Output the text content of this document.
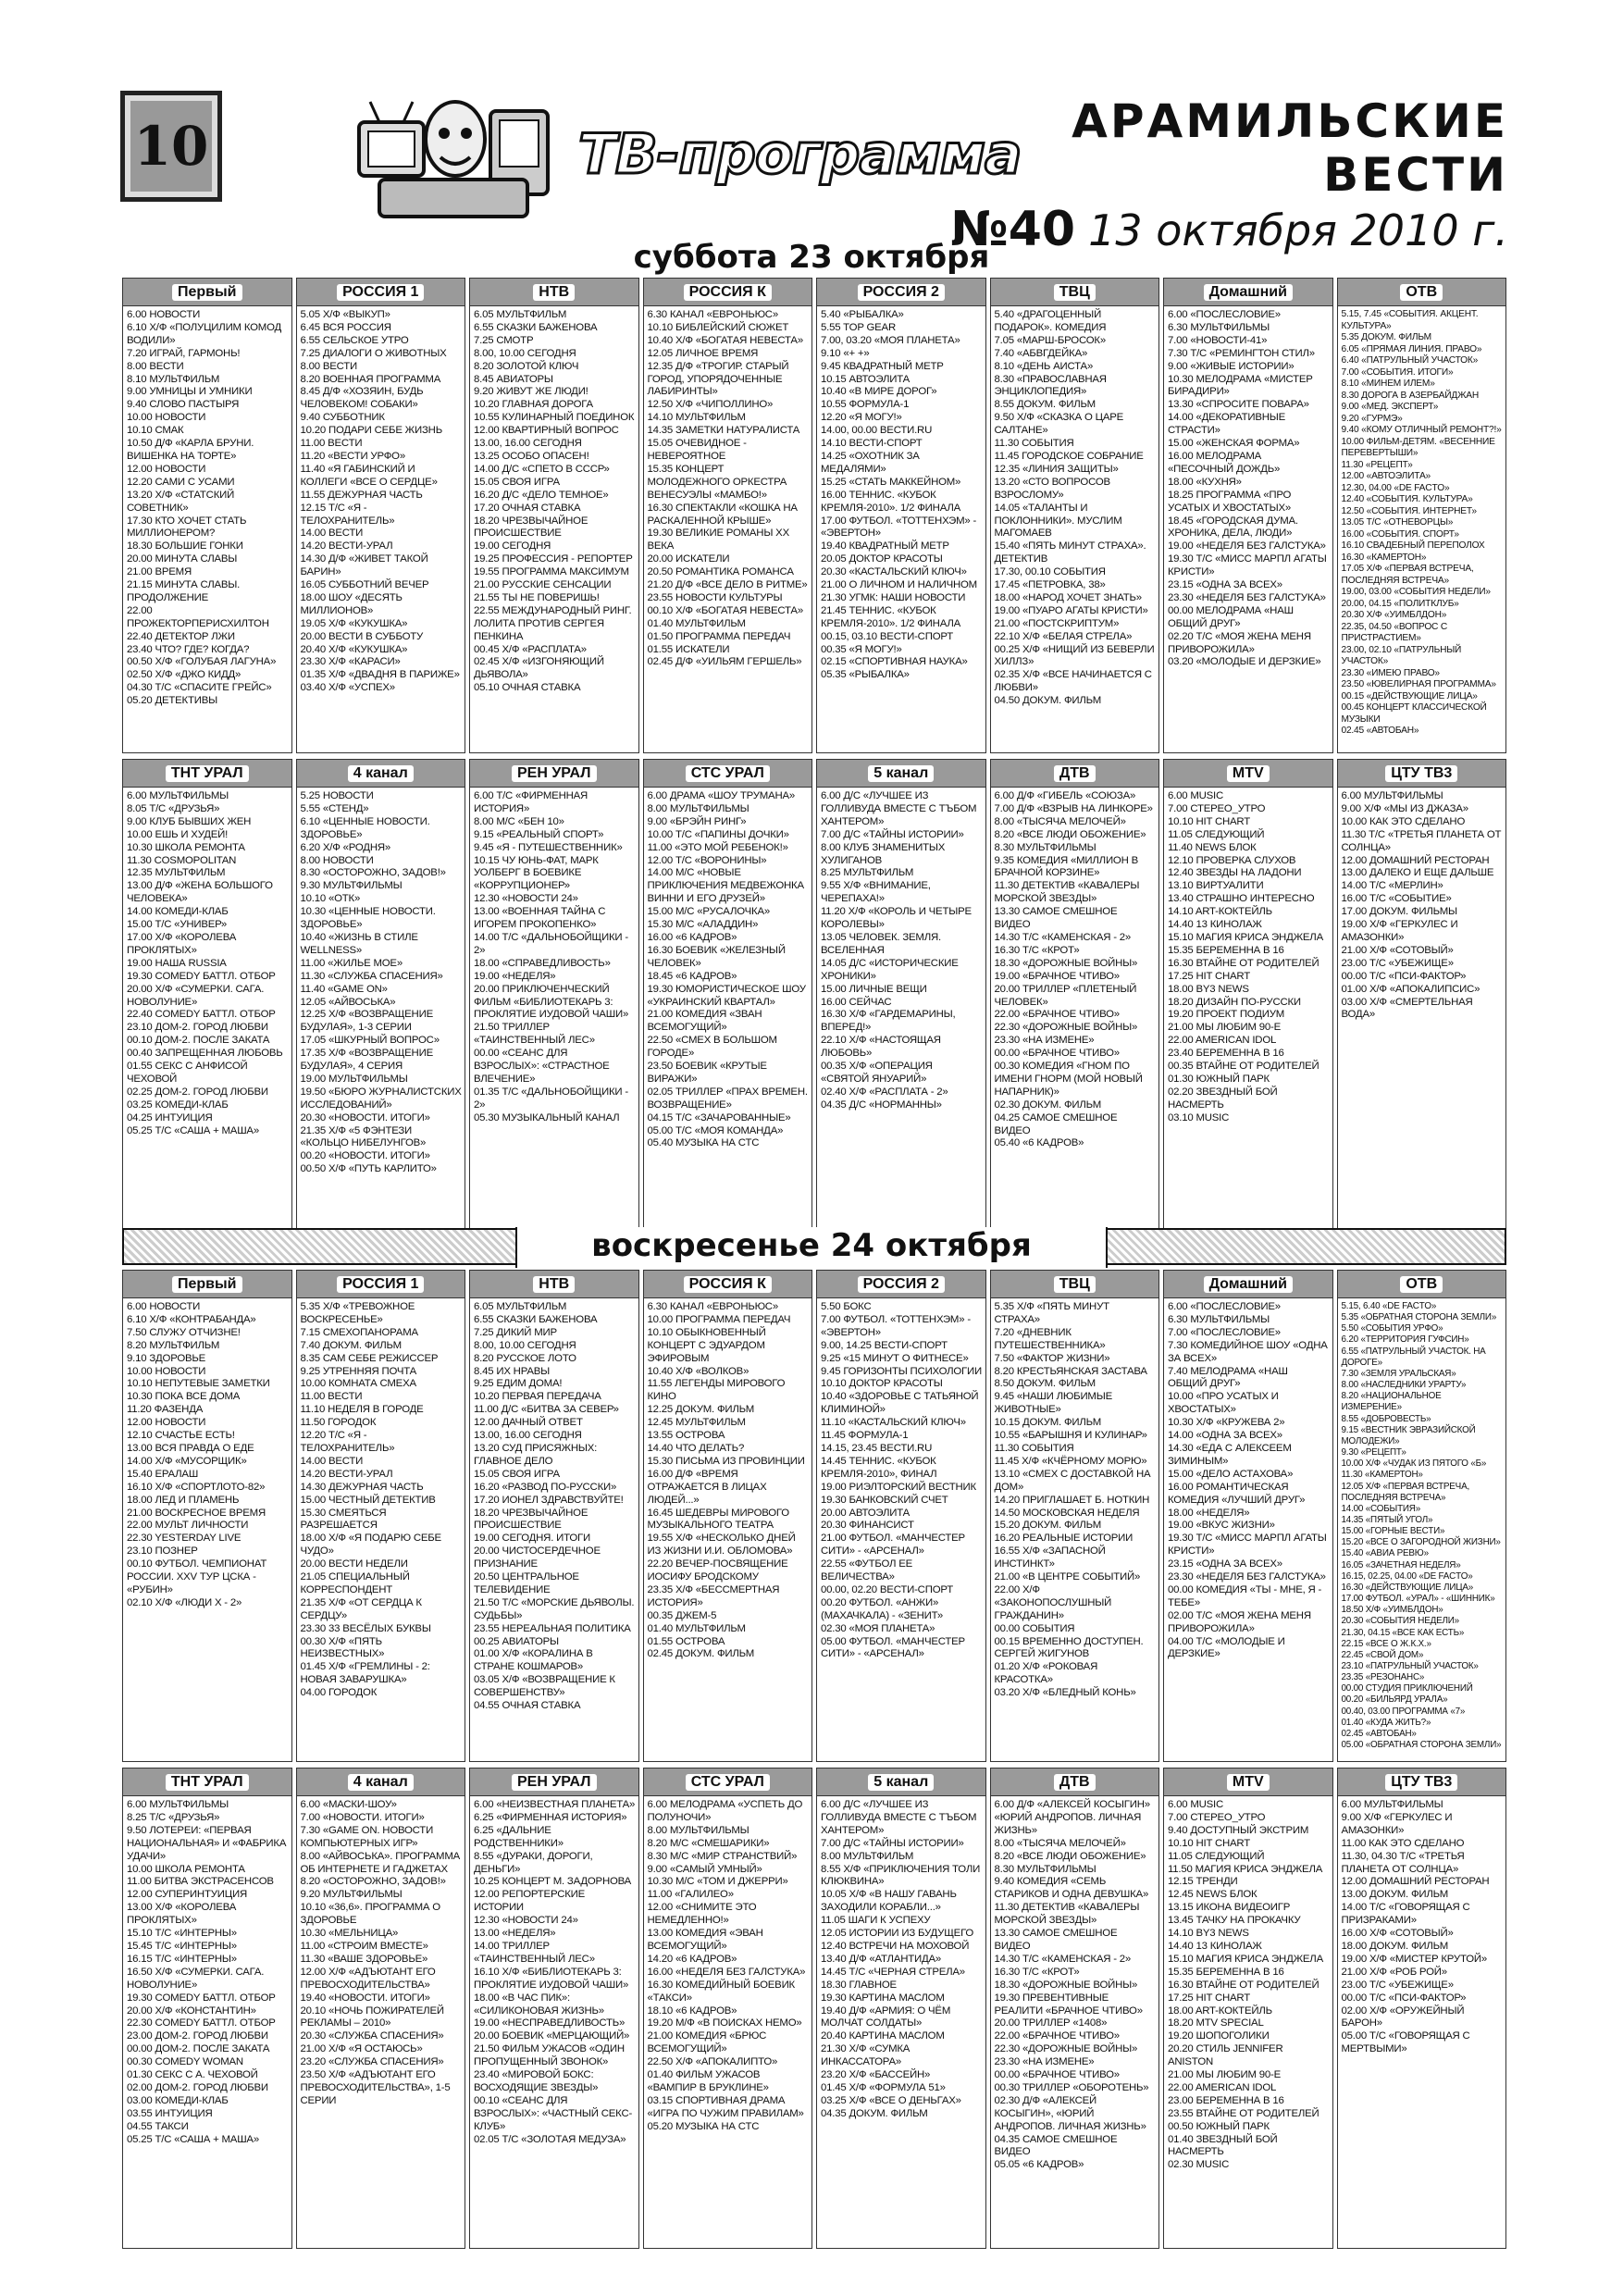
10	ТВ-программа
АРАМИЛЬСКИЕ ВЕСТИ
№40 13 октября 2010 г.
суббота 23 октября
Первый
6.00 НОВОСТИ
6.10 Х/Ф «ПОЛУЦИЛИМ КОМОД ВОДИЛИ»
7.20 ИГРАЙ, ГАРМОНЬ!
8.00 ВЕСТИ
8.10 МУЛЬТФИЛЬМ
9.00 УМНИЦЫ И УМНИКИ
9.40 СЛОВО ПАСТЫРЯ
10.00 НОВОСТИ
10.10 СМАК
10.50 Д/Ф «КАРЛА БРУНИ. ВИШЕНКА НА ТОРТЕ»
12.00 НОВОСТИ
12.20 САМИ С УСАМИ
13.20 Х/Ф «СТАТСКИЙ СОВЕТНИК»
17.30 КТО ХОЧЕТ СТАТЬ МИЛЛИОНЕРОМ?
18.30 БОЛЬШИЕ ГОНКИ
20.00 МИНУТА СЛАВЫ
21.00 ВРЕМЯ
21.15 МИНУТА СЛАВЫ. ПРОДОЛЖЕНИЕ
22.00 ПРОЖЕКТОРПЕРИСХИЛТОН
22.40 ДЕТЕКТОР ЛЖИ
23.40 ЧТО? ГДЕ? КОГДА?
00.50 Х/Ф «ГОЛУБАЯ ЛАГУНА»
02.50 Х/Ф «ДЖО КИДД»
04.30 Т/С «СПАСИТЕ ГРЕЙС»
05.20 ДЕТЕКТИВЫ
РОССИЯ 1
5.05 Х/Ф «ВЫКУП»
6.45 ВСЯ РОССИЯ
6.55 СЕЛЬСКОЕ УТРО
7.25 ДИАЛОГИ О ЖИВОТНЫХ
8.00 ВЕСТИ
8.20 ВОЕННАЯ ПРОГРАММА
8.45 Д/Ф «ХОЗЯИН, БУДЬ ЧЕЛОВЕКОМ! СОБАКИ»
9.40 СУББОТНИК
10.20 ПОДАРИ СЕБЕ ЖИЗНЬ
11.00 ВЕСТИ
11.20 «ВЕСТИ УРФО»
11.40 «Я ГАБИНСКИЙ И КОЛЛЕГИ «ВСЕ О СЕРДЦЕ»
11.55 ДЕЖУРНАЯ ЧАСТЬ
12.15 Т/С «Я - ТЕЛОХРАНИТЕЛЬ»
14.00 ВЕСТИ
14.20 ВЕСТИ-УРАЛ
14.30 Д/Ф «ЖИВЕТ ТАКОЙ БАРИН»
16.05 СУББОТНИЙ ВЕЧЕР
18.00 ШОУ «ДЕСЯТЬ МИЛЛИОНОВ»
19.05 Х/Ф «КУКУШКА»
20.00 ВЕСТИ В СУББОТУ
20.40 Х/Ф «КУКУШКА»
23.30 Х/Ф «КАРАСИ»
01.35 Х/Ф «ДВАДНЯ В ПАРИЖЕ»
03.40 Х/Ф «УСПЕХ»
НТВ
6.05 МУЛЬТФИЛЬМ
6.55 СКАЗКИ БАЖЕНОВА
7.25 СМОТР
8.00, 10.00 СЕГОДНЯ
8.20 ЗОЛОТОЙ КЛЮЧ
8.45 АВИАТОРЫ
9.20 ЖИВУТ ЖЕ ЛЮДИ!
10.20 ГЛАВНАЯ ДОРОГА
10.55 КУЛИНАРНЫЙ ПОЕДИНОК
12.00 КВАРТИРНЫЙ ВОПРОС
13.00, 16.00 СЕГОДНЯ
13.25 ОСОБО ОПАСЕН!
14.00 Д/С «СПЕТО В СССР»
15.05 СВОЯ ИГРА
16.20 Д/С «ДЕЛО ТЕМНОЕ»
17.20 ОЧНАЯ СТАВКА
18.20 ЧРЕЗВЫЧАЙНОЕ ПРОИСШЕСТВИЕ
19.00 СЕГОДНЯ
19.25 ПРОФЕССИЯ - РЕПОРТЕР
19.55 ПРОГРАММА МАКСИМУМ
21.00 РУССКИЕ СЕНСАЦИИ
21.55 ТЫ НЕ ПОВЕРИШЬ!
22.55 МЕЖДУНАРОДНЫЙ РИНГ. ЛОЛИТА ПРОТИВ СЕРГЕЯ ПЕНКИНА
00.45 Х/Ф «РАСПЛАТА»
02.45 Х/Ф «ИЗГОНЯЮЩИЙ ДЬЯВОЛА»
05.10 ОЧНАЯ СТАВКА
РОССИЯ К
6.30 КАНАЛ «ЕВРОНЬЮС»
10.10 БИБЛЕЙСКИЙ СЮЖЕТ
10.40 Х/Ф «БОГАТАЯ НЕВЕСТА»
12.05 ЛИЧНОЕ ВРЕМЯ
12.35 Д/Ф «ТРОГИР. СТАРЫЙ ГОРОД, УПОРЯДОЧЕННЫЕ ЛАБИРИНТЫ»
12.50 Х/Ф «ЧИПОЛЛИНО»
14.10 МУЛЬТФИЛЬМ
14.35 ЗАМЕТКИ НАТУРАЛИСТА
15.05 ОЧЕВИДНОЕ - НЕВЕРОЯТНОЕ
15.35 КОНЦЕРТ МОЛОДЕЖНОГО ОРКЕСТРА ВЕНЕСУЭЛЫ «МАМБО!»
16.30 СПЕКТАКЛИ «КОШКА НА РАСКАЛЕННОЙ КРЫШЕ»
19.30 ВЕЛИКИЕ РОМАНЫ XX ВЕКА
20.00 ИСКАТЕЛИ
20.50 РОМАНТИКА РОМАНСА
21.20 Д/Ф «ВСЕ ДЕЛО В РИТМЕ»
23.55 НОВОСТИ КУЛЬТУРЫ
00.10 Х/Ф «БОГАТАЯ НЕВЕСТА»
01.40 МУЛЬТФИЛЬМ
01.50 ПРОГРАММА ПЕРЕДАЧ
01.55 ИСКАТЕЛИ
02.45 Д/Ф «УИЛЬЯМ ГЕРШЕЛЬ»
РОССИЯ 2
5.40 «РЫБАЛКА»
5.55 TOP GEAR
7.00, 03.20 «МОЯ ПЛАНЕТА»
9.10 «+ +»
9.45 КВАДРАТНЫЙ МЕТР
10.15 АВТОЭЛИТА
10.40 «В МИРЕ ДОРОГ»
10.55 ФОРМУЛА-1
12.20 «Я МОГУ!»
14.00, 00.00 ВЕСТИ.RU
14.10 ВЕСТИ-СПОРТ
14.25 «ОХОТНИК ЗА МЕДАЛЯМИ»
15.25 «СТАТЬ МАККЕЙНОМ»
16.00 ТЕННИС. «КУБОК КРЕМЛЯ-2010». 1/2 ФИНАЛА
17.00 ФУТБОЛ. «ТОТТЕНХЭМ» - «ЭВЕРТОН»
19.40 КВАДРАТНЫЙ МЕТР
20.05 ДОКТОР КРАСОТЫ
20.30 «КАСТАЛЬСКИЙ КЛЮЧ»
21.00 О ЛИЧНОМ И НАЛИЧНОМ
21.30 УГМК: НАШИ НОВОСТИ
21.45 ТЕННИС. «КУБОК КРЕМЛЯ-2010». 1/2 ФИНАЛА
00.15, 03.10 ВЕСТИ-СПОРТ
00.35 «Я МОГУ!»
02.15 «СПОРТИВНАЯ НАУКА»
05.35 «РЫБАЛКА»
ТВЦ
5.40 «ДРАГОЦЕННЫЙ ПОДАРОК». КОМЕДИЯ
7.05 «МАРШ-БРОСОК»
7.40 «АБВГДЕЙКА»
8.10 «ДЕНЬ АИСТА»
8.30 «ПРАВОСЛАВНАЯ ЭНЦИКЛОПЕДИЯ»
8.55 ДОКУМ. ФИЛЬМ
9.50 Х/Ф «СКАЗКА О ЦАРЕ САЛТАНЕ»
11.30 СОБЫТИЯ
11.45 ГОРОДСКОЕ СОБРАНИЕ
12.35 «ЛИНИЯ ЗАЩИТЫ»
13.20 «СТО ВОПРОСОВ ВЗРОСЛОМУ»
14.05 «ТАЛАНТЫ И ПОКЛОННИКИ». МУСЛИМ МАГОМАЕВ
15.40 «ПЯТЬ МИНУТ СТРАХА». ДЕТЕКТИВ
17.30, 00.10 СОБЫТИЯ
17.45 «ПЕТРОВКА, 38»
18.00 «НАРОД ХОЧЕТ ЗНАТЬ»
19.00 «ПУАРО АГАТЫ КРИСТИ»
21.00 «ПОСТСКРИПТУМ»
22.10 Х/Ф «БЕЛАЯ СТРЕЛА»
00.25 Х/Ф «НИЩИЙ ИЗ БЕВЕРЛИ ХИЛЛЗ»
02.35 Х/Ф «ВСЕ НАЧИНАЕТСЯ С ЛЮБВИ»
04.50 ДОКУМ. ФИЛЬМ
Домашний
6.00 «ПОСЛЕСЛОВИЕ»
6.30 МУЛЬТФИЛЬМЫ
7.00 «НОВОСТИ-41»
7.30 Т/С «РЕМИНГТОН СТИЛ»
9.00 «ЖИВЫЕ ИСТОРИИ»
10.30 МЕЛОДРАМА «МИСТЕР БИРАДИРИ»
13.30 «СПРОСИТЕ ПОВАРА»
14.00 «ДЕКОРАТИВНЫЕ СТРАСТИ»
15.00 «ЖЕНСКАЯ ФОРМА»
16.00 МЕЛОДРАМА «ПЕСОЧНЫЙ ДОЖДЬ»
18.00 «КУХНЯ»
18.25 ПРОГРАММА «ПРО УСАТЫХ И ХВОСТАТЫХ»
18.45 «ГОРОДСКАЯ ДУМА. ХРОНИКА, ДЕЛА, ЛЮДИ»
19.00 «НЕДЕЛЯ БЕЗ ГАЛСТУКА»
19.30 Т/С «МИСС МАРПЛ АГАТЫ КРИСТИ»
23.15 «ОДНА ЗА ВСЕХ»
23.30 «НЕДЕЛЯ БЕЗ ГАЛСТУКА»
00.00 МЕЛОДРАМА «НАШ ОБЩИЙ ДРУГ»
02.20 Т/С «МОЯ ЖЕНА МЕНЯ ПРИВОРОЖИЛА»
03.20 «МОЛОДЫЕ И ДЕРЗКИЕ»
ОТВ
5.15, 7.45 «СОБЫТИЯ. АКЦЕНТ. КУЛЬТУРА»
5.35 ДОКУМ. ФИЛЬМ
6.05 «ПРЯМАЯ ЛИНИЯ. ПРАВО»
6.40 «ПАТРУЛЬНЫЙ УЧАСТОК»
7.00 «СОБЫТИЯ. ИТОГИ»
8.10 «МИНЕМ ИЛЕМ»
8.30 ДОРОГА В АЗЕРБАЙДЖАН
9.00 «МЕД. ЭКСПЕРТ»
9.20 «ГУРМЭ»
9.40 «КОМУ ОТЛИЧНЫЙ РЕМОНТ?!»
10.00 ФИЛЬМ-ДЕТЯМ. «ВЕСЕННИЕ ПЕРЕВЕРТЫШИ»
11.30 «РЕЦЕПТ»
12.00 «АВТОЭЛИТА»
12.30, 04.00 «DE FACTO»
12.40 «СОБЫТИЯ. КУЛЬТУРА»
12.50 «СОБЫТИЯ. ИНТЕРНЕТ»
13.05 Т/С «ОТНЕВОРЦЫ»
16.00 «СОБЫТИЯ. СПОРТ»
16.10 СВАДЕБНЫЙ ПЕРЕПОЛОХ
16.30 «КАМЕРТОН»
17.05 Х/Ф «ПЕРВАЯ ВСТРЕЧА, ПОСЛЕДНЯЯ ВСТРЕЧА»
19.00, 03.00 «СОБЫТИЯ НЕДЕЛИ»
20.00, 04.15 «ПОЛИТКЛУБ»
20.30 Х/Ф «УИМБЛДОН»
22.35, 04.50 «ВОПРОС С ПРИСТРАСТИЕМ»
23.00, 02.10 «ПАТРУЛЬНЫЙ УЧАСТОК»
23.30 «ИМЕЮ ПРАВО»
23.50 «ЮВЕЛИРНАЯ ПРОГРАММА»
00.15 «ДЕЙСТВУЮЩИЕ ЛИЦА»
00.45 КОНЦЕРТ КЛАССИЧЕСКОЙ МУЗЫКИ
02.45 «АВТОБАН»
ТНТ УРАЛ
6.00 МУЛЬТФИЛЬМЫ
8.05 Т/С «ДРУЗЬЯ»
9.00 КЛУБ БЫВШИХ ЖЕН
10.00 ЕШЬ И ХУДЕЙ!
10.30 ШКОЛА РЕМОНТА
11.30 COSMOPOLITAN
12.35 МУЛЬТФИЛЬМ
13.00 Д/Ф «ЖЕНА БОЛЬШОГО ЧЕЛОВЕКА»
14.00 КОМЕДИ-КЛАБ
15.00 Т/С «УНИВЕР»
17.00 Х/Ф «КОРОЛЕВА ПРОКЛЯТЫХ»
19.00 НАША RUSSIA
19.30 COMEDY БАТТЛ. ОТБОР
20.00 Х/Ф «СУМЕРКИ. САГА. НОВОЛУНИЕ»
22.40 COMEDY БАТТЛ. ОТБОР
23.10 ДОМ-2. ГОРОД ЛЮБВИ
00.10 ДОМ-2. ПОСЛЕ ЗАКАТА
00.40 ЗАПРЕЩЕННАЯ ЛЮБОВЬ
01.55 СЕКС С АНФИСОЙ ЧЕХОВОЙ
02.25 ДОМ-2. ГОРОД ЛЮБВИ
03.25 КОМЕДИ-КЛАБ
04.25 ИНТУИЦИЯ
05.25 Т/С «САША + МАША»
4 канал
5.25 НОВОСТИ
5.55 «СТЕНД»
6.10 «ЦЕННЫЕ НОВОСТИ. ЗДОРОВЬЕ»
6.20 Х/Ф «РОДНЯ»
8.00 НОВОСТИ
8.30 «ОСТОРОЖНО, ЗАДОВ!»
9.30 МУЛЬТФИЛЬМЫ
10.10 «ОТК»
10.30 «ЦЕННЫЕ НОВОСТИ. ЗДОРОВЬЕ»
10.40 «ЖИЗНЬ В СТИЛЕ WELLNESS»
11.00 «ЖИЛЬЕ МОЕ»
11.30 «СЛУЖБА СПАСЕНИЯ»
11.40 «GAME ON»
12.05 «АЙВОСЬКА»
12.25 Х/Ф «ВОЗВРАЩЕНИЕ БУДУЛАЯ», 1-3 СЕРИИ
17.05 «ШКУРНЫЙ ВОПРОС»
17.35 Х/Ф «ВОЗВРАЩЕНИЕ БУДУЛАЯ», 4 СЕРИЯ
19.00 МУЛЬТФИЛЬМЫ
19.50 «БЮРО ЖУРНАЛИСТСКИХ ИССЛЕДОВАНИЙ»
20.30 «НОВОСТИ. ИТОГИ»
21.35 Х/Ф «5 ФЭНТЕЗИ «КОЛЬЦО НИБЕЛУНГОВ»
00.20 «НОВОСТИ. ИТОГИ»
00.50 Х/Ф «ПУТЬ КАРЛИТО»
РЕН УРАЛ
6.00 Т/С «ФИРМЕННАЯ ИСТОРИЯ»
8.00 М/С «БЕН 10»
9.15 «РЕАЛЬНЫЙ СПОРТ»
9.45 «Я - ПУТЕШЕСТВЕННИК»
10.15 ЧУ ЮНЬ-ФАТ, МАРК УОЛБЕРГ В БОЕВИКЕ «КОРРУПЦИОНЕР»
12.30 «НОВОСТИ 24»
13.00 «ВОЕННАЯ ТАЙНА С ИГОРЕМ ПРОКОПЕНКО»
14.00 Т/С «ДАЛЬНОБОЙЩИКИ - 2»
18.00 «СПРАВЕДЛИВОСТЬ»
19.00 «НЕДЕЛЯ»
20.00 ПРИКЛЮЧЕНЧЕСКИЙ ФИЛЬМ «БИБЛИОТЕКАРЬ 3: ПРОКЛЯТИЕ ИУДОВОЙ ЧАШИ»
21.50 ТРИЛЛЕР «ТАИНСТВЕННЫЙ ЛЕС»
00.00 «СЕАНС ДЛЯ ВЗРОСЛЫХ»: «СТРАСТНОЕ ВЛЕЧЕНИЕ»
01.35 Т/С «ДАЛЬНОБОЙЩИКИ - 2»
05.30 МУЗЫКАЛЬНЫЙ КАНАЛ
СТС УРАЛ
6.00 ДРАМА «ШОУ ТРУМАНА»
8.00 МУЛЬТФИЛЬМЫ
9.00 «БРЭЙН РИНГ»
10.00 Т/С «ПАПИНЫ ДОЧКИ»
11.00 «ЭТО МОЙ РЕБЕНОК!»
12.00 Т/С «ВОРОНИНЫ»
14.00 М/С «НОВЫЕ ПРИКЛЮЧЕНИЯ МЕДВЕЖОНКА ВИННИ И ЕГО ДРУЗЕЙ»
15.00 М/С «РУСАЛОЧКА»
15.30 М/С «АЛАДДИН»
16.00 «6 КАДРОВ»
16.30 БОЕВИК «ЖЕЛЕЗНЫЙ ЧЕЛОВЕК»
18.45 «6 КАДРОВ»
19.30 ЮМОРИСТИЧЕСКОЕ ШОУ «УКРАИНСКИЙ КВАРТАЛ»
21.00 КОМЕДИЯ «ЗВАН ВСЕМОГУЩИЙ»
22.50 «СМЕХ В БОЛЬШОМ ГОРОДЕ»
23.50 БОЕВИК «КРУТЫЕ ВИРАЖИ»
02.05 ТРИЛЛЕР «ПРАХ ВРЕМЕН. ВОЗВРАЩЕНИЕ»
04.15 Т/С «ЗАЧАРОВАННЫЕ»
05.00 Т/С «МОЯ КОМАНДА»
05.40 МУЗЫКА НА СТС
5 канал
6.00 Д/С «ЛУЧШЕЕ ИЗ ГОЛЛИВУДА ВМЕСТЕ С ТЪБОМ ХАНТЕРОМ»
7.00 Д/С «ТАЙНЫ ИСТОРИИ»
8.00 КЛУБ ЗНАМЕНИТЫХ ХУЛИГАНОВ
8.25 МУЛЬТФИЛЬМ
9.55 Х/Ф «ВНИМАНИЕ, ЧЕРЕПАХА!»
11.20 Х/Ф «КОРОЛЬ И ЧЕТЫРЕ КОРОЛЕВЫ»
13.05 ЧЕЛОВЕК. ЗЕМЛЯ. ВСЕЛЕННАЯ
14.05 Д/С «ИСТОРИЧЕСКИЕ ХРОНИКИ»
15.00 ЛИЧНЫЕ ВЕЩИ
16.00 СЕЙЧАС
16.30 Х/Ф «ГАРДЕМАРИНЫ, ВПЕРЕД!»
22.10 Х/Ф «НАСТОЯЩАЯ ЛЮБОВЬ»
00.35 Х/Ф «ОПЕРАЦИЯ «СВЯТОЙ ЯНУАРИЙ»
02.40 Х/Ф «РАСПЛАТА - 2»
04.35 Д/С «НОРМАННЫ»
ДТВ
6.00 Д/Ф «ГИБЕЛЬ «СОЮЗА»
7.00 Д/Ф «ВЗРЫВ НА ЛИНКОРЕ»
8.00 «ТЫСЯЧА МЕЛОЧЕЙ»
8.20 «ВСЕ ЛЮДИ ОБОЖЕНИЕ»
8.30 МУЛЬТФИЛЬМЫ
9.35 КОМЕДИЯ «МИЛЛИОН В БРАЧНОЙ КОРЗИНЕ»
11.30 ДЕТЕКТИВ «КАВАЛЕРЫ МОРСКОЙ ЗВЕЗДЫ»
13.30 САМОЕ СМЕШНОЕ ВИДЕО
14.30 Т/С «КАМЕНСКАЯ - 2»
16.30 Т/С «КРОТ»
18.30 «ДОРОЖНЫЕ ВОЙНЫ»
19.00 «БРАЧНОЕ ЧТИВО»
20.00 ТРИЛЛЕР «ПЛЕТЕНЫЙ ЧЕЛОВЕК»
22.00 «БРАЧНОЕ ЧТИВО»
22.30 «ДОРОЖНЫЕ ВОЙНЫ»
23.30 «НА ИЗМЕНЕ»
00.00 «БРАЧНОЕ ЧТИВО»
00.30 КОМЕДИЯ «ГНОМ ПО ИМЕНИ ГНОРМ (МОЙ НОВЫЙ НАПАРНИК)»
02.30 ДОКУМ. ФИЛЬМ
04.25 САМОЕ СМЕШНОЕ ВИДЕО
05.40 «6 КАДРОВ»
MTV
6.00 MUSIC
7.00 СТЕРЕО_УТРО
10.10 HIT CHART
11.05 СЛЕДУЮЩИЙ
11.40 NEWS БЛОК
12.10 ПРОВЕРКА СЛУХОВ
12.40 ЗВЕЗДЫ НА ЛАДОНИ
13.10 ВИРТУАЛИТИ
13.40 СТРАШНО ИНТЕРЕСНО
14.10 ART-КОКТЕЙЛЬ
14.40 13 КИНОЛАЖ
15.10 МАГИЯ КРИСА ЭНДЖЕЛА
15.35 БЕРЕМЕННА В 16
16.30 ВТАЙНЕ ОТ РОДИТЕЛЕЙ
17.25 HIT CHART
18.00 BY3 NEWS
18.20 ДИЗАЙН ПО-РУССКИ
19.20 ПРОЕКТ ПОДИУМ
21.00 МЫ ЛЮБИМ 90-Е
22.00 AMERICAN IDOL
23.40 БЕРЕМЕННА В 16
00.35 ВТАЙНЕ ОТ РОДИТЕЛЕЙ
01.30 ЮЖНЫЙ ПАРК
02.20 ЗВЕЗДНЫЙ БОЙ НАСМЕРТЬ
03.10 MUSIC
ЦТУ ТВ3
6.00 МУЛЬТФИЛЬМЫ
9.00 Х/Ф «МЫ ИЗ ДЖАЗА»
10.00 КАК ЭТО СДЕЛАНО
11.30 Т/С «ТРЕТЬЯ ПЛАНЕТА ОТ СОЛНЦА»
12.00 ДОМАШНИЙ РЕСТОРАН
13.00 ДАЛЕКО И ЕЩЕ ДАЛЬШЕ
14.00 Т/С «МЕРЛИН»
16.00 Т/С «СОБЫТИЕ»
17.00 ДОКУМ. ФИЛЬМЫ
19.00 Х/Ф «ГЕРКУЛЕС И АМАЗОНКИ»
21.00 Х/Ф «СОТОВЫЙ»
23.00 Т/С «УБЕЖИЩЕ»
00.00 Т/С «ПСИ-ФАКТОР»
01.00 Х/Ф «АПОКАЛИПСИС»
03.00 Х/Ф «СМЕРТЕЛЬНАЯ ВОДА»
воскресенье 24 октября
Первый
6.00 НОВОСТИ
6.10 Х/Ф «КОНТРАБАНДА»
7.50 СЛУЖУ ОТЧИЗНЕ!
8.20 МУЛЬТФИЛЬМ
9.10 ЗДОРОВЬЕ
10.00 НОВОСТИ
10.10 НЕПУТЕВЫЕ ЗАМЕТКИ
10.30 ПОКА ВСЕ ДОМА
11.20 ФАЗЕНДА
12.00 НОВОСТИ
12.10 СЧАСТЬЕ ЕСТЬ!
13.00 ВСЯ ПРАВДА О ЕДЕ
14.00 Х/Ф «МУСОРЩИК»
15.40 ЕРАЛАШ
16.10 Х/Ф «СПОРТЛОТО-82»
18.00 ЛЕД И ПЛАМЕНЬ
21.00 ВОСКРЕСНОЕ ВРЕМЯ
22.00 МУЛЬТ ЛИЧНОСТИ
22.30 YESTERDAY LIVE
23.10 ПОЗНЕР
00.10 ФУТБОЛ. ЧЕМПИОНАТ РОССИИ. XXV ТУР ЦСКА - «РУБИН»
02.10 Х/Ф «ЛЮДИ Х - 2»
РОССИЯ 1
5.35 Х/Ф «ТРЕВОЖНОЕ ВОСКРЕСЕНЬЕ»
7.15 СМЕХОПАНОРАМА
7.40 ДОКУМ. ФИЛЬМ
8.35 САМ СЕБЕ РЕЖИССЕР
9.25 УТРЕННЯЯ ПОЧТА
10.00 КОМНАТА СМЕХА
11.00 ВЕСТИ
11.10 НЕДЕЛЯ В ГОРОДЕ
11.50 ГОРОДОК
12.20 Т/С «Я - ТЕЛОХРАНИТЕЛЬ»
14.00 ВЕСТИ
14.20 ВЕСТИ-УРАЛ
14.30 ДЕЖУРНАЯ ЧАСТЬ
15.00 ЧЕСТНЫЙ ДЕТЕКТИВ
15.30 СМЕЯТЬСЯ РАЗРЕШАЕТСЯ
18.00 Х/Ф «Я ПОДАРЮ СЕБЕ ЧУДО»
20.00 ВЕСТИ НЕДЕЛИ
21.05 СПЕЦИАЛЬНЫЙ КОРРЕСПОНДЕНТ
21.35 Х/Ф «ОТ СЕРДЦА К СЕРДЦУ»
23.30 33 ВЕСЁЛЫХ БУКВЫ
00.30 Х/Ф «ПЯТЬ НЕИЗВЕСТНЫХ»
01.45 Х/Ф «ГРЕМЛИНЫ - 2: НОВАЯ ЗАВАРУШКА»
04.00 ГОРОДОК
НТВ
6.05 МУЛЬТФИЛЬМ
6.55 СКАЗКИ БАЖЕНОВА
7.25 ДИКИЙ МИР
8.00, 10.00 СЕГОДНЯ
8.20 РУССКОЕ ЛОТО
8.45 ИХ НРАВЫ
9.25 ЕДИМ ДОМА!
10.20 ПЕРВАЯ ПЕРЕДАЧА
11.00 Д/С «БИТВА ЗА СЕВЕР»
12.00 ДАЧНЫЙ ОТВЕТ
13.00, 16.00 СЕГОДНЯ
13.20 СУД ПРИСЯЖНЫХ: ГЛАВНОЕ ДЕЛО
15.05 СВОЯ ИГРА
16.20 «РАЗВОД ПО-РУССКИ»
17.20 ИОНЕЛ ЗДРАВСТВУЙТЕ!
18.20 ЧРЕЗВЫЧАЙНОЕ ПРОИСШЕСТВИЕ
19.00 СЕГОДНЯ. ИТОГИ
20.00 ЧИСТОСЕРДЕЧНОЕ ПРИЗНАНИЕ
20.50 ЦЕНТРАЛЬНОЕ ТЕЛЕВИДЕНИЕ
21.50 Т/С «МОРСКИЕ ДЬЯВОЛЫ. СУДЬБЫ»
23.55 НЕРЕАЛЬНАЯ ПОЛИТИКА
00.25 АВИАТОРЫ
01.00 Х/Ф «КОРАЛИНА В СТРАНЕ КОШМАРОВ»
03.05 Х/Ф «ВОЗВРАЩЕНИЕ К СОВЕРШЕНСТВУ»
04.55 ОЧНАЯ СТАВКА
РОССИЯ К
6.30 КАНАЛ «ЕВРОНЬЮС»
10.00 ПРОГРАММА ПЕРЕДАЧ
10.10 ОБЫКНОВЕННЫЙ КОНЦЕРТ С ЭДУАРДОМ ЭФИРОВЫМ
10.40 Х/Ф «ВОЛКОВ»
11.55 ЛЕГЕНДЫ МИРОВОГО КИНО
12.25 ДОКУМ. ФИЛЬМ
12.45 МУЛЬТФИЛЬМ
13.55 ОСТРОВА
14.40 ЧТО ДЕЛАТЬ?
15.30 ПИСЬМА ИЗ ПРОВИНЦИИ
16.00 Д/Ф «ВРЕМЯ ОТРАЖАЕТСЯ В ЛИЦАХ ЛЮДЕЙ...»
16.45 ШЕДЕВРЫ МИРОВОГО МУЗЫКАЛЬНОГО ТЕАТРА
19.55 Х/Ф «НЕСКОЛЬКО ДНЕЙ ИЗ ЖИЗНИ И.И. ОБЛОМОВА»
22.20 ВЕЧЕР-ПОСВЯЩЕНИЕ ИОСИФУ БРОДСКОМУ
23.35 Х/Ф «БЕССМЕРТНАЯ ИСТОРИЯ»
00.35 ДЖЕМ-5
01.40 МУЛЬТФИЛЬМ
01.55 ОСТРОВА
02.45 ДОКУМ. ФИЛЬМ
РОССИЯ 2
5.50 БОКС
7.00 ФУТБОЛ. «ТОТТЕНХЭМ» - «ЭВЕРТОН»
9.00, 14.25 ВЕСТИ-СПОРТ
9.25 «15 МИНУТ О ФИТНЕСЕ»
9.45 ГОРИЗОНТЫ ПСИХОЛОГИИ
10.10 ДОКТОР КРАСОТЫ
10.40 «ЗДОРОВЬЕ С ТАТЬЯНОЙ КЛИМИНОЙ»
11.10 «КАСТАЛЬСКИЙ КЛЮЧ»
11.45 ФОРМУЛА-1
14.15, 23.45 ВЕСТИ.RU
14.45 ТЕННИС. «КУБОК КРЕМЛЯ-2010», ФИНАЛ
19.00 РИЭЛТОРСКИЙ ВЕСТНИК
19.30 БАНКОВСКИЙ СЧЕТ
20.00 АВТОЭЛИТА
20.30 ФИНАНСИСТ
21.00 ФУТБОЛ. «МАНЧЕСТЕР СИТИ» - «АРСЕНАЛ»
22.55 «ФУТБОЛ ЕЕ ВЕЛИЧЕСТВА»
00.00, 02.20 ВЕСТИ-СПОРТ
00.20 ФУТБОЛ. «АНЖИ» (МАХАЧКАЛА) - «ЗЕНИТ»
02.30 «МОЯ ПЛАНЕТА»
05.00 ФУТБОЛ. «МАНЧЕСТЕР СИТИ» - «АРСЕНАЛ»
ТВЦ
5.35 Х/Ф «ПЯТЬ МИНУТ СТРАХА»
7.20 «ДНЕВНИК ПУТЕШЕСТВЕННИКА»
7.50 «ФАКТОР ЖИЗНИ»
8.20 КРЕСТЬЯНСКАЯ ЗАСТАВА
8.50 ДОКУМ. ФИЛЬМ
9.45 «НАШИ ЛЮБИМЫЕ ЖИВОТНЫЕ»
10.15 ДОКУМ. ФИЛЬМ
10.55 «БАРЫШНЯ И КУЛИНАР»
11.30 СОБЫТИЯ
11.45 Х/Ф «КЧЁРНОМУ МОРЮ»
13.10 «СМЕХ С ДОСТАВКОЙ НА ДОМ»
14.20 ПРИГЛАШАЕТ Б. НОТКИН
14.50 МОСКОВСКАЯ НЕДЕЛЯ
15.20 ДОКУМ. ФИЛЬМ
16.20 РЕАЛЬНЫЕ ИСТОРИИ
16.55 Х/Ф «ЗАПАСНОЙ ИНСТИНКТ»
21.00 «В ЦЕНТРЕ СОБЫТИЙ»
22.00 Х/Ф «ЗАКОНОПОСЛУШНЫЙ ГРАЖДАНИН»
00.00 СОБЫТИЯ
00.15 ВРЕМЕННО ДОСТУПЕН. СЕРГЕЙ ЖИГУНОВ
01.20 Х/Ф «РОКОВАЯ КРАСОТКА»
03.20 Х/Ф «БЛЕДНЫЙ КОНЬ»
Домашний
6.00 «ПОСЛЕСЛОВИЕ»
6.30 МУЛЬТФИЛЬМЫ
7.00 «ПОСЛЕСЛОВИЕ»
7.30 КОМЕДИЙНОЕ ШОУ «ОДНА ЗА ВСЕХ»
7.40 МЕЛОДРАМА «НАШ ОБЩИЙ ДРУГ»
10.00 «ПРО УСАТЫХ И ХВОСТАТЫХ»
10.30 Х/Ф «КРУЖЕВА 2»
14.00 «ОДНА ЗА ВСЕХ»
14.30 «ЕДА С АЛЕКСЕЕМ ЗИМИНЫМ»
15.00 «ДЕЛО АСТАХОВА»
16.00 РОМАНТИЧЕСКАЯ КОМЕДИЯ «ЛУЧШИЙ ДРУГ»
18.00 «НЕДЕЛЯ»
19.00 «ВКУС ЖИЗНИ»
19.30 Т/С «МИСС МАРПЛ АГАТЫ КРИСТИ»
23.15 «ОДНА ЗА ВСЕХ»
23.30 «НЕДЕЛЯ БЕЗ ГАЛСТУКА»
00.00 КОМЕДИЯ «ТЫ - МНЕ, Я - ТЕБЕ»
02.00 Т/С «МОЯ ЖЕНА МЕНЯ ПРИВОРОЖИЛА»
04.00 Т/С «МОЛОДЫЕ И ДЕРЗКИЕ»
ОТВ
5.15, 6.40 «DE FACTO»
5.35 «ОБРАТНАЯ СТОРОНА ЗЕМЛИ»
5.50 «СОБЫТИЯ УРФО»
6.20 «ТЕРРИТОРИЯ ГУФСИН»
6.55 «ПАТРУЛЬНЫЙ УЧАСТОК. НА ДОРОГЕ»
7.30 «ЗЕМЛЯ УРАЛЬСКАЯ»
8.00 «НАСЛЕДНИКИ УРАРТУ»
8.20 «НАЦИОНАЛЬНОЕ ИЗМЕРЕНИЕ»
8.55 «ДОБРОВЕСТЬ»
9.15 «ВЕСТНИК ЭВРАЗИЙСКОЙ МОЛОДЕЖИ»
9.30 «РЕЦЕПТ»
10.00 Х/Ф «ЧУДАК ИЗ ПЯТОГО «Б»
11.30 «КАМЕРТОН»
12.05 Х/Ф «ПЕРВАЯ ВСТРЕЧА, ПОСЛЕДНЯЯ ВСТРЕЧА»
14.00 «СОБЫТИЯ»
14.35 «ПЯТЫЙ УГОЛ»
15.00 «ГОРНЫЕ ВЕСТИ»
15.20 «ВСЕ О ЗАГОРОДНОЙ ЖИЗНИ»
15.40 «АВИА РЕВЮ»
16.05 «ЗАЧЕТНАЯ НЕДЕЛЯ»
16.15, 02.25, 04.00 «DE FACTO»
16.30 «ДЕЙСТВУЮЩИЕ ЛИЦА»
17.00 ФУТБОЛ. «УРАЛ» - «ШИННИК»
18.50 Х/Ф «УИМБЛДОН»
20.30 «СОБЫТИЯ НЕДЕЛИ»
21.30, 04.15 «ВСЕ КАК ЕСТЬ»
22.15 «ВСЕ О Ж.К.Х.»
22.45 «СВОЙ ДОМ»
23.10 «ПАТРУЛЬНЫЙ УЧАСТОК»
23.35 «РЕЗОНАНС»
00.00 СТУДИЯ ПРИКЛЮЧЕНИЙ
00.20 «БИЛЬЯРД УРАЛА»
00.40, 03.00 ПРОГРАММА «7»
01.40 «КУДА ЖИТЬ?»
02.45 «АВТОБАН»
05.00 «ОБРАТНАЯ СТОРОНА ЗЕМЛИ»
ТНТ УРАЛ
6.00 МУЛЬТФИЛЬМЫ
8.25 Т/С «ДРУЗЬЯ»
9.50 ЛОТЕРЕИ: «ПЕРВАЯ НАЦИОНАЛЬНАЯ» И «ФАБРИКА УДАЧИ»
10.00 ШКОЛА РЕМОНТА
11.00 БИТВА ЭКСТРАСЕНСОВ
12.00 СУПЕРИНТУИЦИЯ
13.00 Х/Ф «КОРОЛЕВА ПРОКЛЯТЫХ»
15.10 Т/С «ИНТЕРНЫ»
15.45 Т/С «ИНТЕРНЫ»
16.15 Т/С «ИНТЕРНЫ»
16.50 Х/Ф «СУМЕРКИ. САГА. НОВОЛУНИЕ»
19.30 COMEDY БАТТЛ. ОТБОР
20.00 Х/Ф «КОНСТАНТИН»
22.30 COMEDY БАТТЛ. ОТБОР
23.00 ДОМ-2. ГОРОД ЛЮБВИ
00.00 ДОМ-2. ПОСЛЕ ЗАКАТА
00.30 COMEDY WOMAN
01.30 СЕКС С А. ЧЕХОВОЙ
02.00 ДОМ-2. ГОРОД ЛЮБВИ
03.00 КОМЕДИ-КЛАБ
03.55 ИНТУИЦИЯ
04.55 ТАКСИ
05.25 Т/С «САША + МАША»
4 канал
6.00 «МАСКИ-ШОУ»
7.00 «НОВОСТИ. ИТОГИ»
7.30 «GAME ON. НОВОСТИ КОМПЬЮТЕРНЫХ ИГР»
8.00 «АЙВОСЬКА». ПРОГРАММА ОБ ИНТЕРНЕТЕ И ГАДЖЕТАХ
8.20 «ОСТОРОЖНО, ЗАДОВ!»
9.20 МУЛЬТФИЛЬМЫ
10.10 «36,6». ПРОГРАММА О ЗДОРОВЬЕ
10.30 «МЕЛЬНИЦА»
11.00 «СТРОИМ ВМЕСТЕ»
11.30 «ВАШЕ ЗДОРОВЬЕ»
12.00 Х/Ф «АДЪЮТАНТ ЕГО ПРЕВОСХОДИТЕЛЬСТВА»
19.40 «НОВОСТИ. ИТОГИ»
20.10 «НОЧЬ ПОЖИРАТЕЛЕЙ РЕКЛАМЫ – 2010»
20.30 «СЛУЖБА СПАСЕНИЯ»
21.00 Х/Ф «Я ОСТАЮСЬ»
23.20 «СЛУЖБА СПАСЕНИЯ»
23.50 Х/Ф «АДЪЮТАНТ ЕГО ПРЕВОСХОДИТЕЛЬСТВА», 1-5 СЕРИИ
РЕН УРАЛ
6.00 «НЕИЗВЕСТНАЯ ПЛАНЕТА»
6.25 «ФИРМЕННАЯ ИСТОРИЯ»
6.25 «ДАЛЬНИЕ РОДСТВЕННИКИ»
8.55 «ДУРАКИ, ДОРОГИ, ДЕНЬГИ»
10.25 КОНЦЕРТ М. ЗАДОРНОВА
12.00 РЕПОРТЕРСКИЕ ИСТОРИИ
12.30 «НОВОСТИ 24»
13.00 «НЕДЕЛЯ»
14.00 ТРИЛЛЕР «ТАИНСТВЕННЫЙ ЛЕС»
16.10 Х/Ф «БИБЛИОТЕКАРЬ 3: ПРОКЛЯТИЕ ИУДОВОЙ ЧАШИ»
18.00 «В ЧАС ПИК»: «СИЛИКОНОВАЯ ЖИЗНЬ»
19.00 «НЕСПРАВЕДЛИВОСТЬ»
20.00 БОЕВИК «МЕРЦАЮЩИЙ»
21.50 ФИЛЬМ УЖАСОВ «ОДИН ПРОПУЩЕННЫЙ ЗВОНОК»
23.40 «МИРОВОЙ БОКС: ВОСХОДЯЩИЕ ЗВЕЗДЫ»
00.10 «СЕАНС ДЛЯ ВЗРОСЛЫХ»: «ЧАСТНЫЙ СЕКС-КЛУБ»
02.05 Т/С «ЗОЛОТАЯ МЕДУЗА»
СТС УРАЛ
6.00 МЕЛОДРАМА «УСПЕТЬ ДО ПОЛУНОЧИ»
8.00 МУЛЬТФИЛЬМЫ
8.20 М/С «СМЕШАРИКИ»
8.30 М/С «МИР СТРАНСТВИЙ»
9.00 «САМЫЙ УМНЫЙ»
10.30 М/С «ТОМ И ДЖЕРРИ»
11.00 «ГАЛИЛЕО»
12.00 «СНИМИТЕ ЭТО НЕМЕДЛЕННО!»
13.00 КОМЕДИЯ «ЭВАН ВСЕМОГУЩИЙ»
14.20 «6 КАДРОВ»
16.00 «НЕДЕЛЯ БЕЗ ГАЛСТУКА»
16.30 КОМЕДИЙНЫЙ БОЕВИК «ТАКСИ»
18.10 «6 КАДРОВ»
19.20 М/Ф «В ПОИСКАХ НЕМО»
21.00 КОМЕДИЯ «БРЮС ВСЕМОГУЩИЙ»
22.50 Х/Ф «АПОКАЛИПТО»
01.40 ФИЛЬМ УЖАСОВ «ВАМПИР В БРУКЛИНЕ»
03.15 СПОРТИВНАЯ ДРАМА «ИГРА ПО ЧУЖИМ ПРАВИЛАМ»
05.20 МУЗЫКА НА СТС
5 канал
6.00 Д/С «ЛУЧШЕЕ ИЗ ГОЛЛИВУДА ВМЕСТЕ С ТЪБОМ ХАНТЕРОМ»
7.00 Д/С «ТАЙНЫ ИСТОРИИ»
8.00 МУЛЬТФИЛЬМ
8.55 Х/Ф «ПРИКЛЮЧЕНИЯ ТОЛИ КЛЮКВИНА»
10.05 Х/Ф «В НАШУ ГАВАНЬ ЗАХОДИЛИ КОРАБЛИ...»
11.05 ШАГИ К УСПЕХУ
12.05 ИСТОРИИ ИЗ БУДУЩЕГО
12.40 ВСТРЕЧИ НА МОХОВОЙ
13.40 Д/Ф «АТЛАНТИДА»
14.45 Т/С «ЧЕРНАЯ СТРЕЛА»
18.30 ГЛАВНОЕ
19.30 КАРТИНА МАСЛОМ
19.40 Д/Ф «АРМИЯ: О ЧЁМ МОЛЧАТ СОЛДАТЫ»
20.40 КАРТИНА МАСЛОМ
21.30 Х/Ф «СУМКА ИНКАССАТОРА»
23.20 Х/Ф «БАССЕЙН»
01.45 Х/Ф «ФОРМУЛА 51»
03.25 Х/Ф «ВСЕ О ДЕНЬГАХ»
04.35 ДОКУМ. ФИЛЬМ
ДТВ
6.00 Д/Ф «АЛЕКСЕЙ КОСЫГИН» «ЮРИЙ АНДРОПОВ. ЛИЧНАЯ ЖИЗНЬ»
8.00 «ТЫСЯЧА МЕЛОЧЕЙ»
8.20 «ВСЕ ЛЮДИ ОБОЖЕНИЕ»
8.30 МУЛЬТФИЛЬМЫ
9.40 КОМЕДИЯ «СЕМЬ СТАРИКОВ И ОДНА ДЕВУШКА»
11.30 ДЕТЕКТИВ «КАВАЛЕРЫ МОРСКОЙ ЗВЕЗДЫ»
13.30 САМОЕ СМЕШНОЕ ВИДЕО
14.30 Т/С «КАМЕНСКАЯ - 2»
16.30 Т/С «КРОТ»
18.30 «ДОРОЖНЫЕ ВОЙНЫ»
19.30 ПРЕВЕНТИВНЫЕ РЕАЛИТИ «БРАЧНОЕ ЧТИВО»
20.00 ТРИЛЛЕР «1408»
22.00 «БРАЧНОЕ ЧТИВО»
22.30 «ДОРОЖНЫЕ ВОЙНЫ»
23.30 «НА ИЗМЕНЕ»
00.00 «БРАЧНОЕ ЧТИВО»
00.30 ТРИЛЛЕР «ОБОРОТЕНЬ»
02.30 Д/Ф «АЛЕКСЕЙ КОСЫГИН», «ЮРИЙ АНДРОПОВ. ЛИЧНАЯ ЖИЗНЬ»
04.35 САМОЕ СМЕШНОЕ ВИДЕО
05.05 «6 КАДРОВ»
MTV
6.00 MUSIC
7.00 СТЕРЕО_УТРО
9.40 ДОСТУПНЫЙ ЭКСТРИМ
10.10 HIT CHART
11.05 СЛЕДУЮЩИЙ
11.50 МАГИЯ КРИСА ЭНДЖЕЛА
12.15 ТРЕНДИ
12.45 NEWS БЛОК
13.15 ИКОНА ВИДЕОИГР
13.45 ТАЧКУ НА ПРОКАЧКУ
14.10 BY3 NEWS
14.40 13 КИНОЛАЖ
15.10 МАГИЯ КРИСА ЭНДЖЕЛА
15.35 БЕРЕМЕННА В 16
16.30 ВТАЙНЕ ОТ РОДИТЕЛЕЙ
17.25 HIT CHART
18.00 ART-КОКТЕЙЛЬ
18.20 MTV SPECIAL
19.20 ШОПОГОЛИКИ
20.20 СТИЛЬ JENNIFER ANISTON
21.00 МЫ ЛЮБИМ 90-Е
22.00 AMERICAN IDOL
23.00 БЕРЕМЕННА В 16
23.55 ВТАЙНЕ ОТ РОДИТЕЛЕЙ
00.50 ЮЖНЫЙ ПАРК
01.40 ЗВЕЗДНЫЙ БОЙ НАСМЕРТЬ
02.30 MUSIC
ЦТУ ТВ3
6.00 МУЛЬТФИЛЬМЫ
9.00 Х/Ф «ГЕРКУЛЕС И АМАЗОНКИ»
11.00 КАК ЭТО СДЕЛАНО
11.30, 04.30 Т/С «ТРЕТЬЯ ПЛАНЕТА ОТ СОЛНЦА»
12.00 ДОМАШНИЙ РЕСТОРАН
13.00 ДОКУМ. ФИЛЬМ
14.00 Т/С «ГОВОРЯЩАЯ С ПРИЗРАКАМИ»
16.00 Х/Ф «СОТОВЫЙ»
18.00 ДОКУМ. ФИЛЬМ
19.00 Х/Ф «МИСТЕР КРУТОЙ»
21.00 Х/Ф «РОБ РОЙ»
23.00 Т/С «УБЕЖИЩЕ»
00.00 Т/С «ПСИ-ФАКТОР»
02.00 Х/Ф «ОРУЖЕЙНЫЙ БАРОН»
05.00 Т/С «ГОВОРЯЩАЯ С МЕРТВЫМИ»
